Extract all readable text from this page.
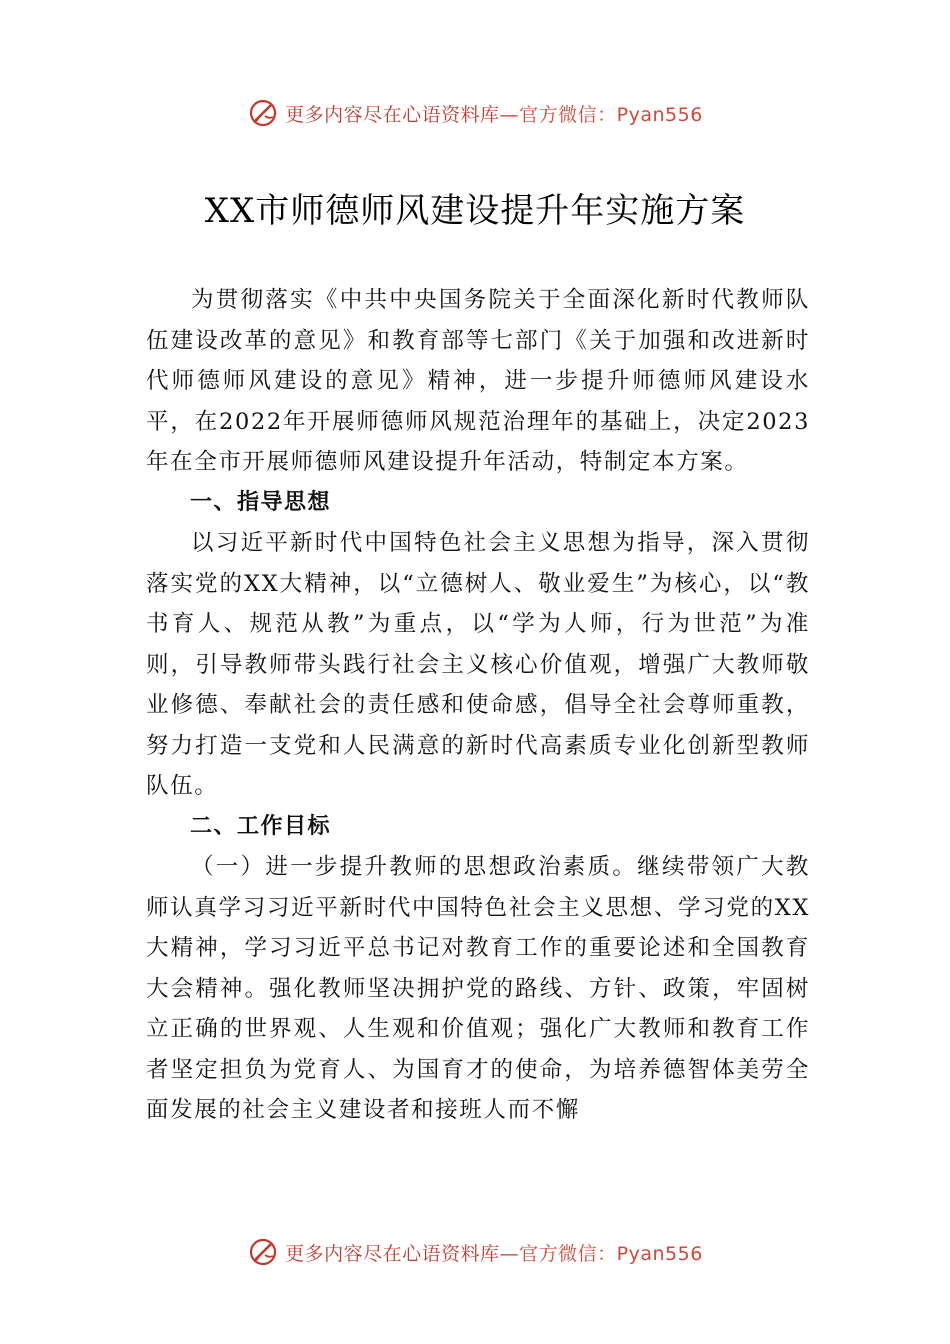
更多内容尽在心语资料库— 官方微信：Pyan556
XX市师德师风建设提升年实施方案

为贯彻落实《中共中央国务院关于全面深化新时代教师队伍建设改革的意见》和教育部等七部门《关于加强和改进新时代师德师风建设的意见》精神，进一步提升师德师风建设水平，在2022年开展师德师风规范治理年的基础上，决定2023年在全市开展师德师风建设提升年活动，特制定本方案。

一、指导思想

以习近平新时代中国特色社会主义思想为指导，深入贯彻落实党的XX大精神，以“立德树人、敬业爱生”为核心，以“教书育人、规范从教”为重点，以“学为人师，行为世范”为准则，引导教师带头践行社会主义核心价值观，增强广大教师敬业修德、奉献社会的责任感和使命感，倡导全社会尊师重教，努力打造一支党和人民满意的新时代高素质专业化创新型教师队伍。

二、工作目标

（一）进一步提升教师的思想政治素质。继续带领广大教师认真学习习近平新时代中国特色社会主义思想、学习党的XX大精神，学习习近平总书记对教育工作的重要论述和全国教育大会精神。强化教师坚决拥护党的路线、方针、政策，牢固树立正确的世界观、人生观和价值观；强化广大教师和教育工作者坚定担负为党育人、为国育才的使命，为培养德智体美劳全面发展的社会主义建设者和接班人而不懈

更多内容尽在心语资料库— 官方微信：Pyan556
